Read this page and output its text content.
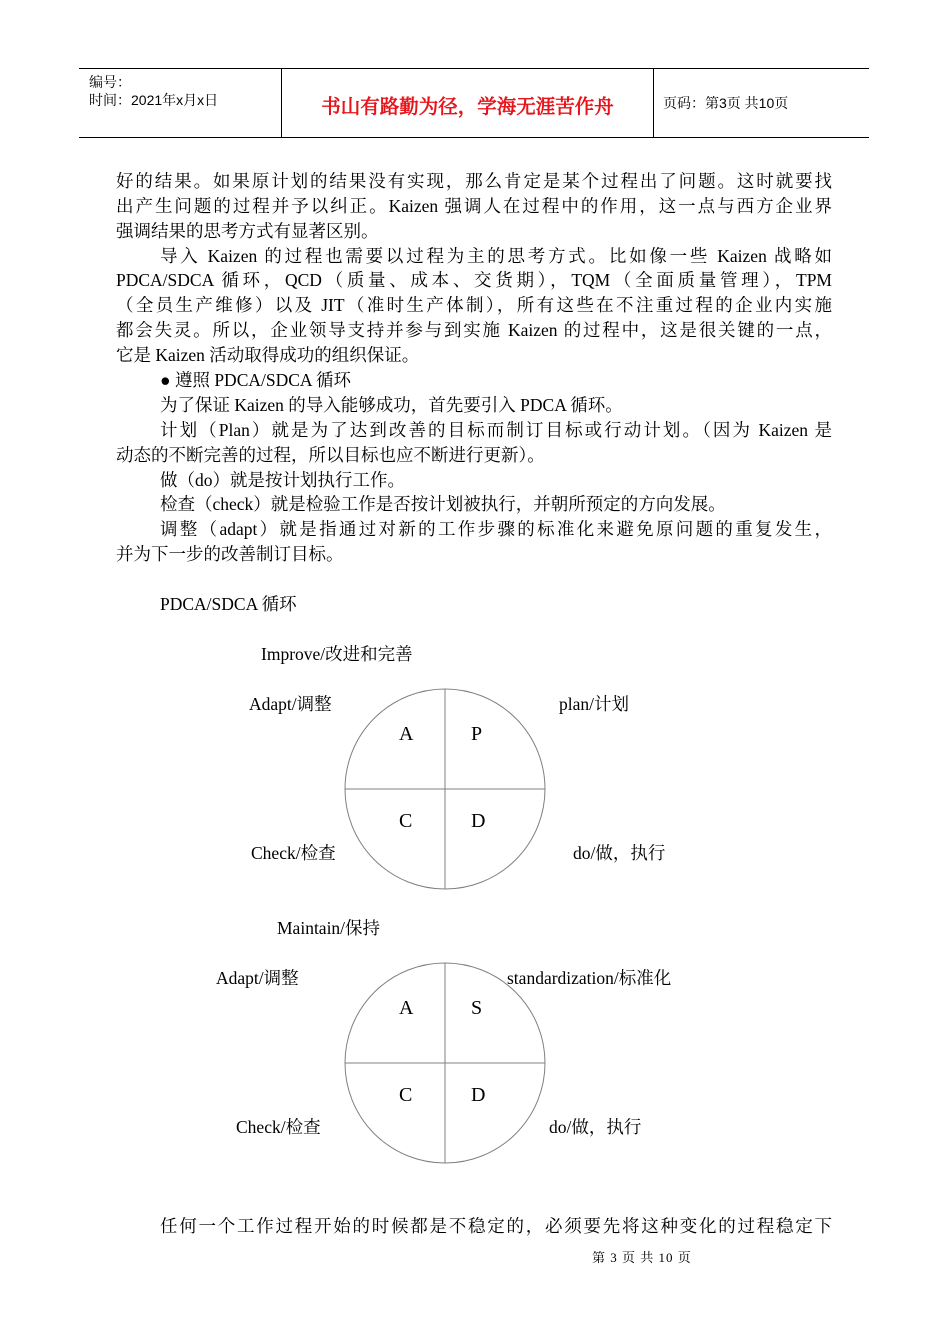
编号：
时间：2021年x月x日	书山有路勤为径，学海无涯苦作舟	页码：第3页 共10页
好的结果。如果原计划的结果没有实现，那么肯定是某个过程出了问题。这时就要找
出产生问题的过程并予以纠正。Kaizen 强调人在过程中的作用，这一点与西方企业界
强调结果的思考方式有显著区别。
导入 Kaizen 的过程也需要以过程为主的思考方式。比如像一些 Kaizen 战略如
PDCA/SDCA 循环，QCD（质量、成本、交货期），TQM（全面质量管理），TPM
（全员生产维修）以及 JIT（准时生产体制），所有这些在不注重过程的企业内实施
都会失灵。所以，企业领导支持并参与到实施 Kaizen 的过程中，这是很关键的一点，
它是 Kaizen 活动取得成功的组织保证。
● 遵照 PDCA/SDCA 循环
为了保证 Kaizen 的导入能够成功，首先要引入 PDCA 循环。
计划（Plan）就是为了达到改善的目标而制订目标或行动计划。（因为 Kaizen 是
动态的不断完善的过程，所以目标也应不断进行更新）。
做（do）就是按计划执行工作。
检查（check）就是检验工作是否按计划被执行，并朝所预定的方向发展。
调整（adapt）就是指通过对新的工作步骤的标准化来避免原问题的重复发生，
并为下一步的改善制订目标。
PDCA/SDCA 循环
Improve/改进和完善
Adapt/调整	plan/计划
Check/检查	do/做，执行
A	P
C	D
Maintain/保持
Adapt/调整	standardization/标准化
Check/检查	do/做，执行
A	S
C	D
任何一个工作过程开始的时候都是不稳定的，必须要先将这种变化的过程稳定下
第 3 页 共 10 页
